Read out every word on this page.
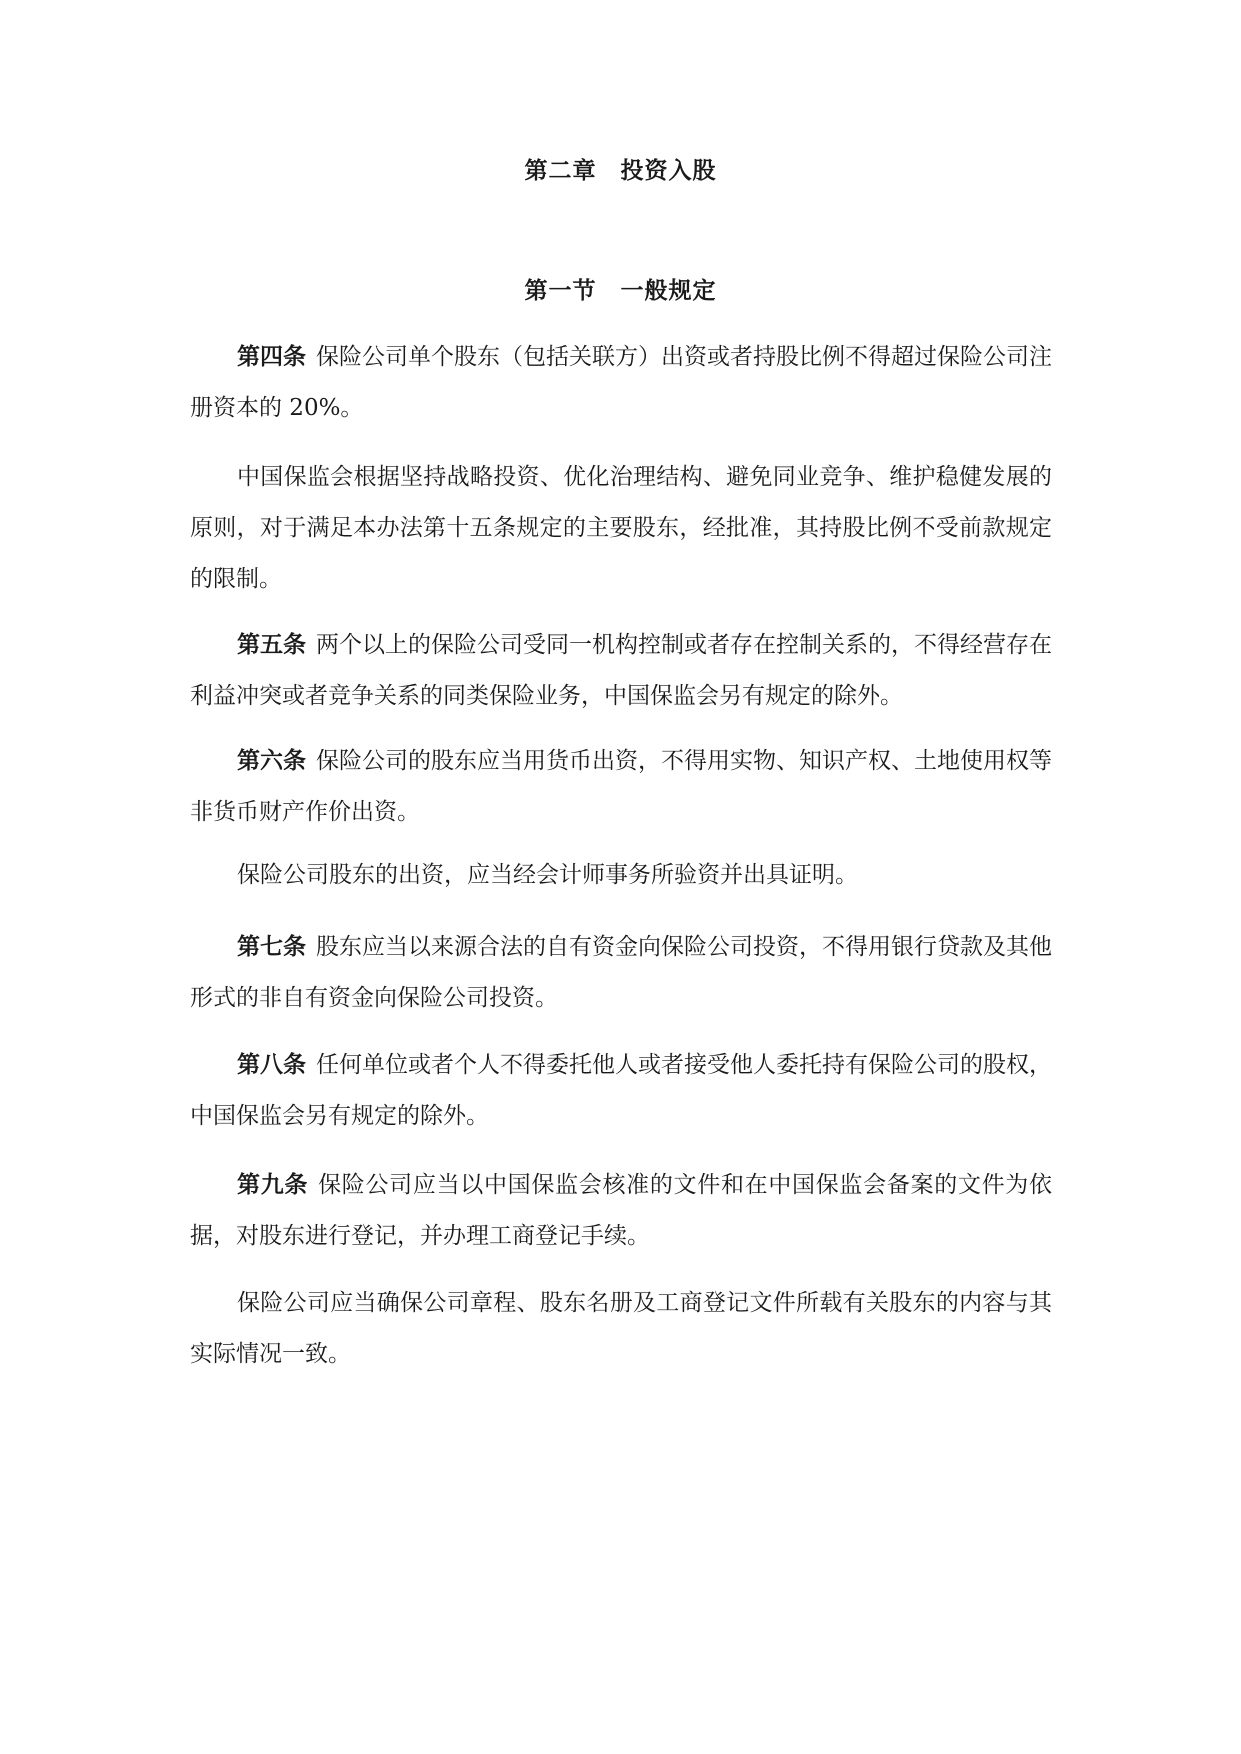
第二章　投资入股
第一节　一般规定

第四条 保险公司单个股东（包括关联方）出资或者持股比例不得超过保险公司注册资本的 20%。

中国保监会根据坚持战略投资、优化治理结构、避免同业竞争、维护稳健发展的原则，对于满足本办法第十五条规定的主要股东，经批准，其持股比例不受前款规定的限制。

第五条 两个以上的保险公司受同一机构控制或者存在控制关系的，不得经营存在利益冲突或者竞争关系的同类保险业务，中国保监会另有规定的除外。

第六条 保险公司的股东应当用货币出资，不得用实物、知识产权、土地使用权等非货币财产作价出资。

保险公司股东的出资，应当经会计师事务所验资并出具证明。

第七条 股东应当以来源合法的自有资金向保险公司投资，不得用银行贷款及其他形式的非自有资金向保险公司投资。

第八条 任何单位或者个人不得委托他人或者接受他人委托持有保险公司的股权，中国保监会另有规定的除外。

第九条 保险公司应当以中国保监会核准的文件和在中国保监会备案的文件为依据，对股东进行登记，并办理工商登记手续。

保险公司应当确保公司章程、股东名册及工商登记文件所载有关股东的内容与其实际情况一致。
